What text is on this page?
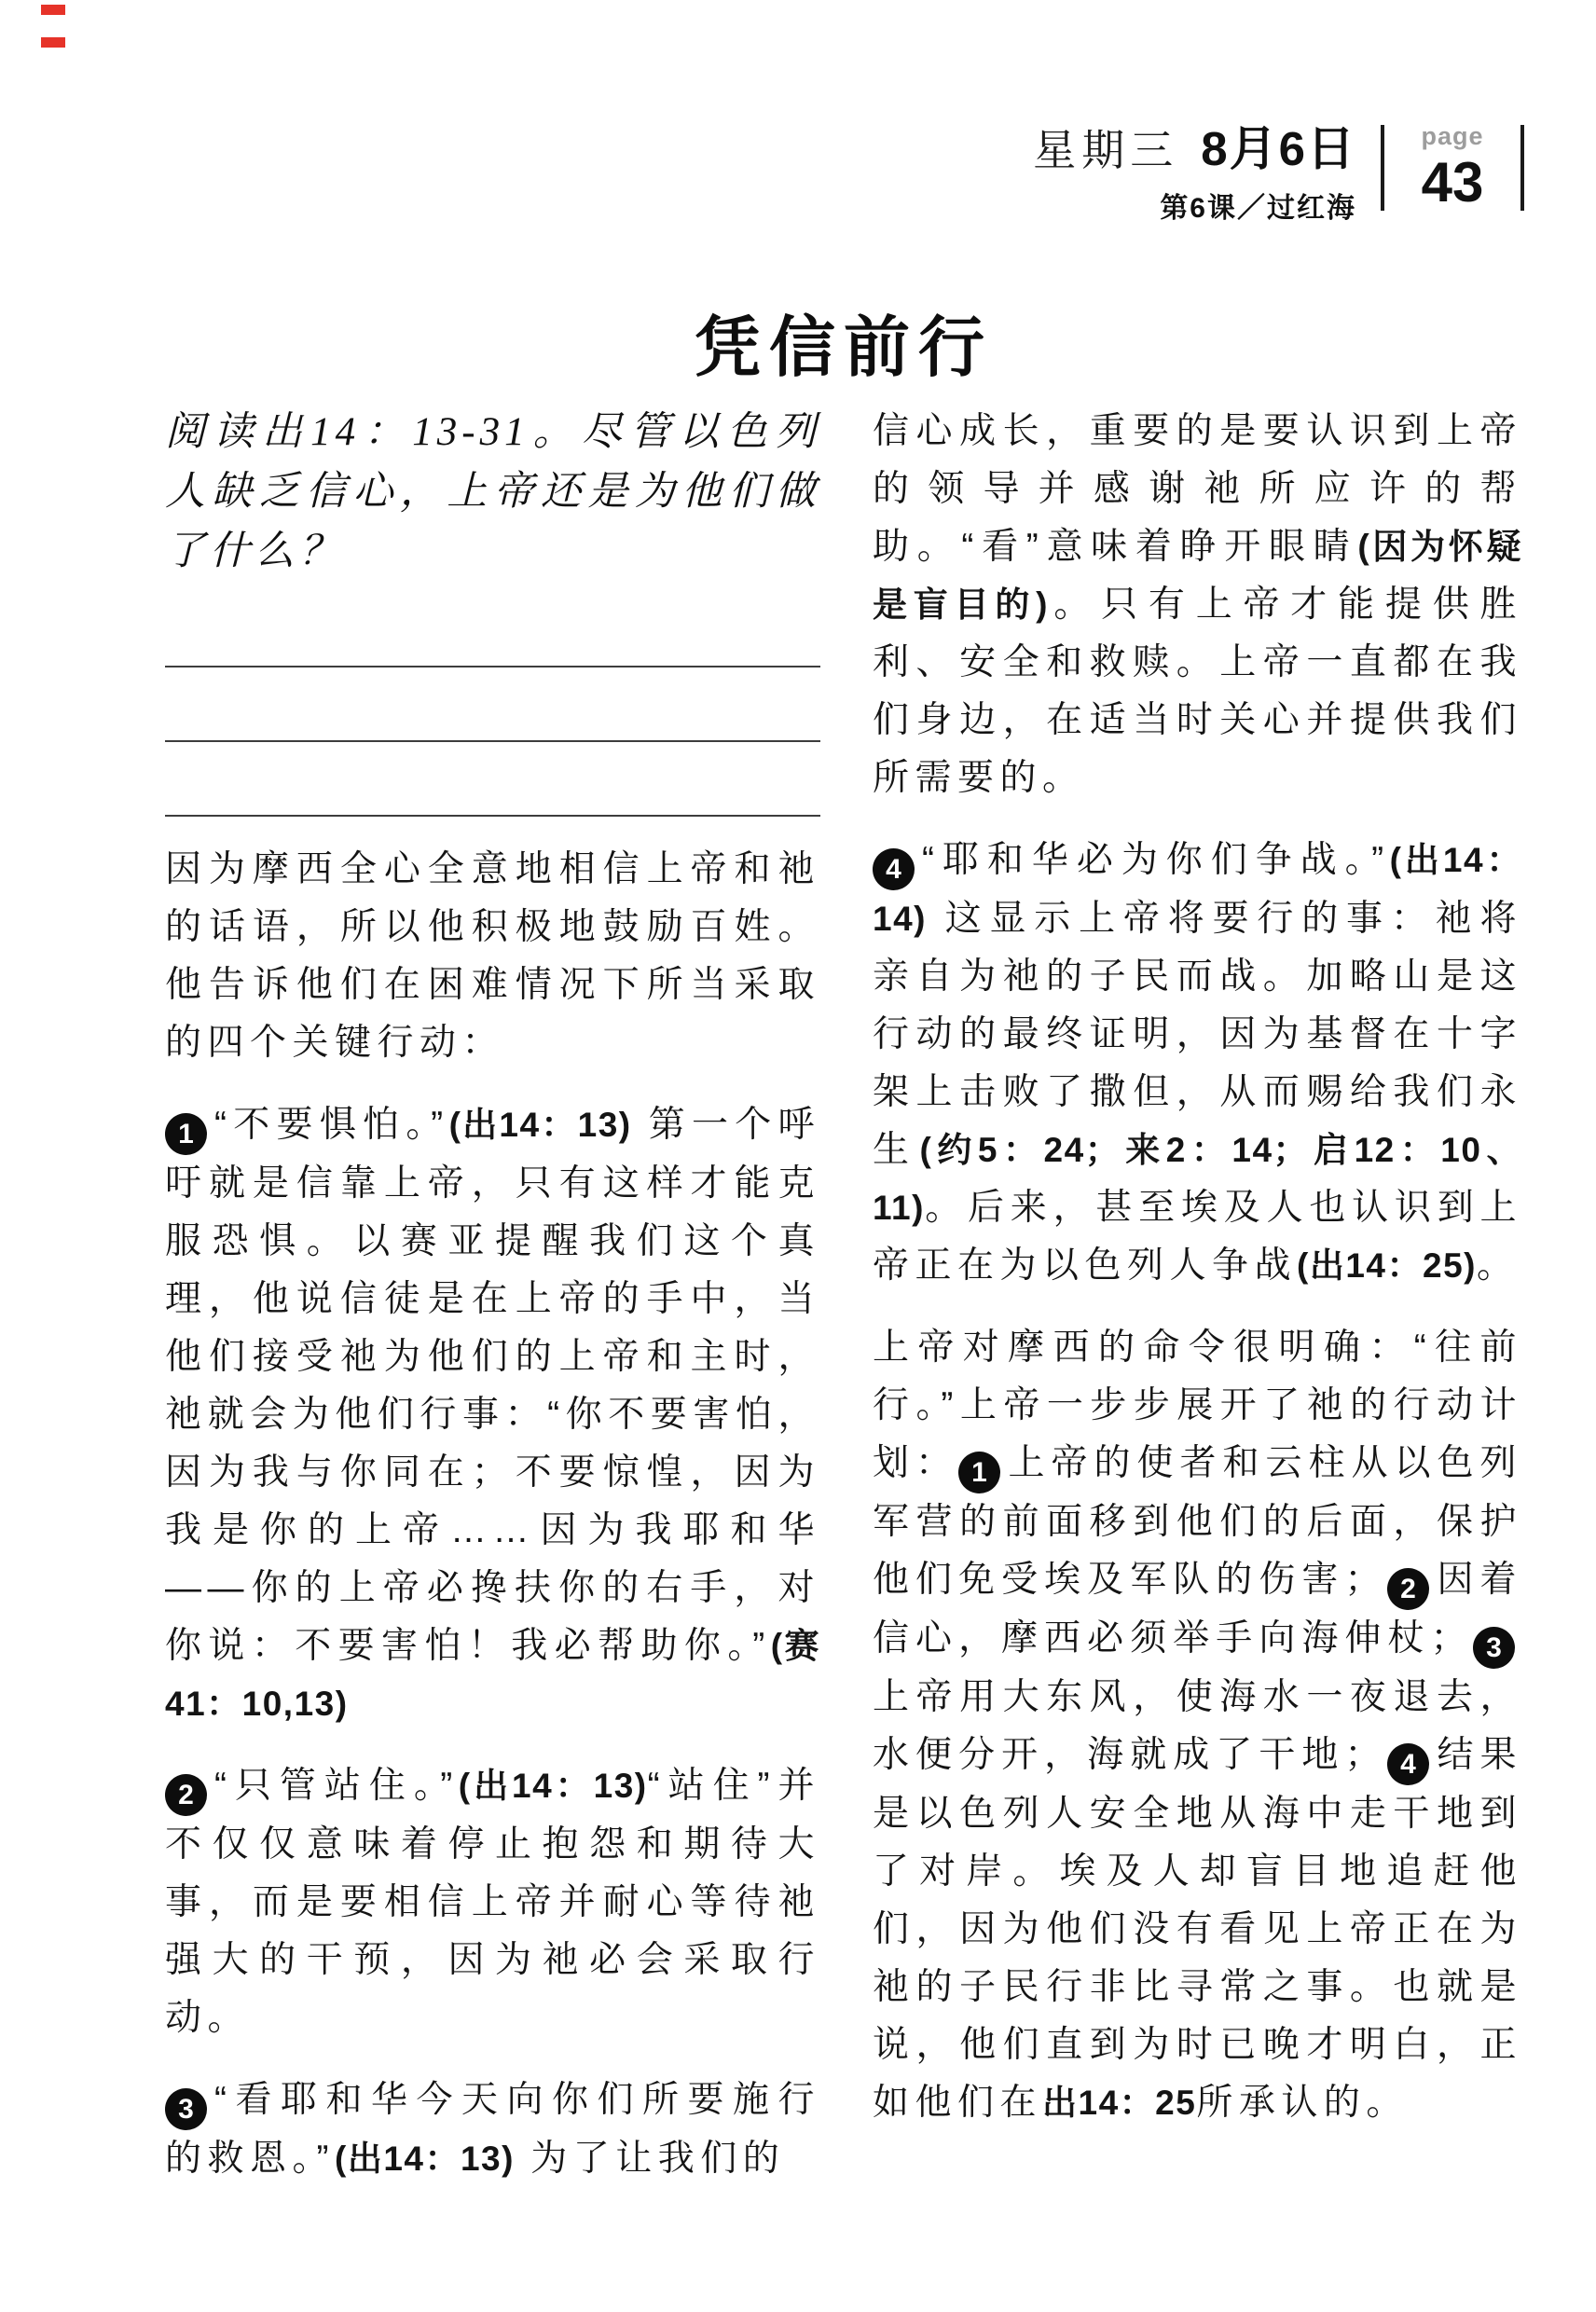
星期三 8月6日
第6课／过红海
page
43
凭信前行
阅读出14：13-31。尽管以色列人缺乏信心，上帝还是为他们做了什么？

因为摩西全心全意地相信上帝和祂的话语，所以他积极地鼓励百姓。他告诉他们在困难情况下所当采取的四个关键行动：

1 “不要惧怕。”(出14：13) 第一个呼吁就是信靠上帝，只有这样才能克服恐惧。以赛亚提醒我们这个真理，他说信徒是在上帝的手中，当他们接受祂为他们的上帝和主时，祂就会为他们行事：“你不要害怕，因为我与你同在；不要惊惶，因为我是你的上帝……因为我耶和华——你的上帝必搀扶你的右手，对你说：不要害怕！我必帮助你。”(赛41：10,13)

2 “只管站住。”(出14：13)“站住”并不仅仅意味着停止抱怨和期待大事，而是要相信上帝并耐心等待祂强大的干预，因为祂必会采取行动。

3 “看耶和华今天向你们所要施行的救恩。”(出14：13) 为了让我们的

信心成长，重要的是要认识到上帝的领导并感谢祂所应许的帮助。“看”意味着睁开眼睛(因为怀疑是盲目的)。只有上帝才能提供胜利、安全和救赎。上帝一直都在我们身边，在适当时关心并提供我们所需要的。

4 “耶和华必为你们争战。”(出14：14) 这显示上帝将要行的事：祂将亲自为祂的子民而战。加略山是这行动的最终证明，因为基督在十字架上击败了撒但，从而赐给我们永生(约5：24；来2：14；启12：10、11)。后来，甚至埃及人也认识到上帝正在为以色列人争战(出14：25)。

上帝对摩西的命令很明确：“往前行。”上帝一步步展开了祂的行动计划： 1 上帝的使者和云柱从以色列军营的前面移到他们的后面，保护他们免受埃及军队的伤害； 2 因着信心，摩西必须举手向海伸杖； 3上帝用大东风，使海水一夜退去，水便分开，海就成了干地； 4 结果是以色列人安全地从海中走干地到了对岸。埃及人却盲目地追赶他们，因为他们没有看见上帝正在为祂的子民行非比寻常之事。也就是说，他们直到为时已晚才明白，正如他们在出14：25所承认的。
